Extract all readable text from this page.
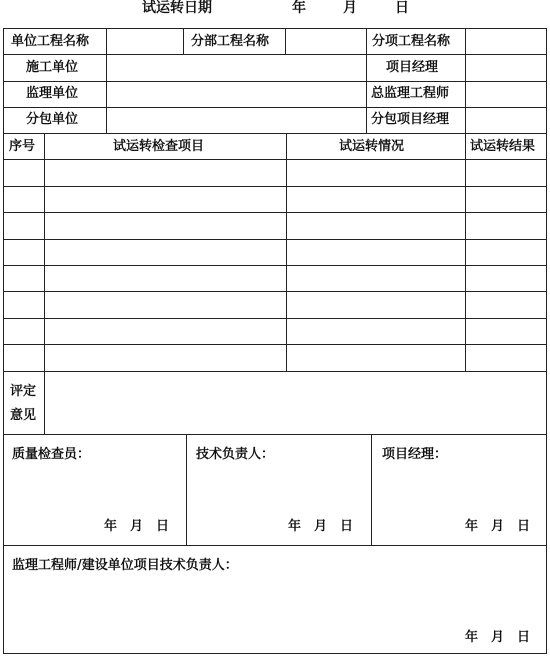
试运转日期	年	月	日
单位工程名称	分部工程名称	分项工程名称
施工单位	项目经理
监理单位	总监理工程师
分包单位	分包项目经理
序号	试运转检查项目	试运转情况	试运转结果
评定
意见
质量检查员：	技术负责人：	项目经理：
年　月　日	年　月　日	年　月　日
监理工程师/建设单位项目技术负责人：
年　月　日
